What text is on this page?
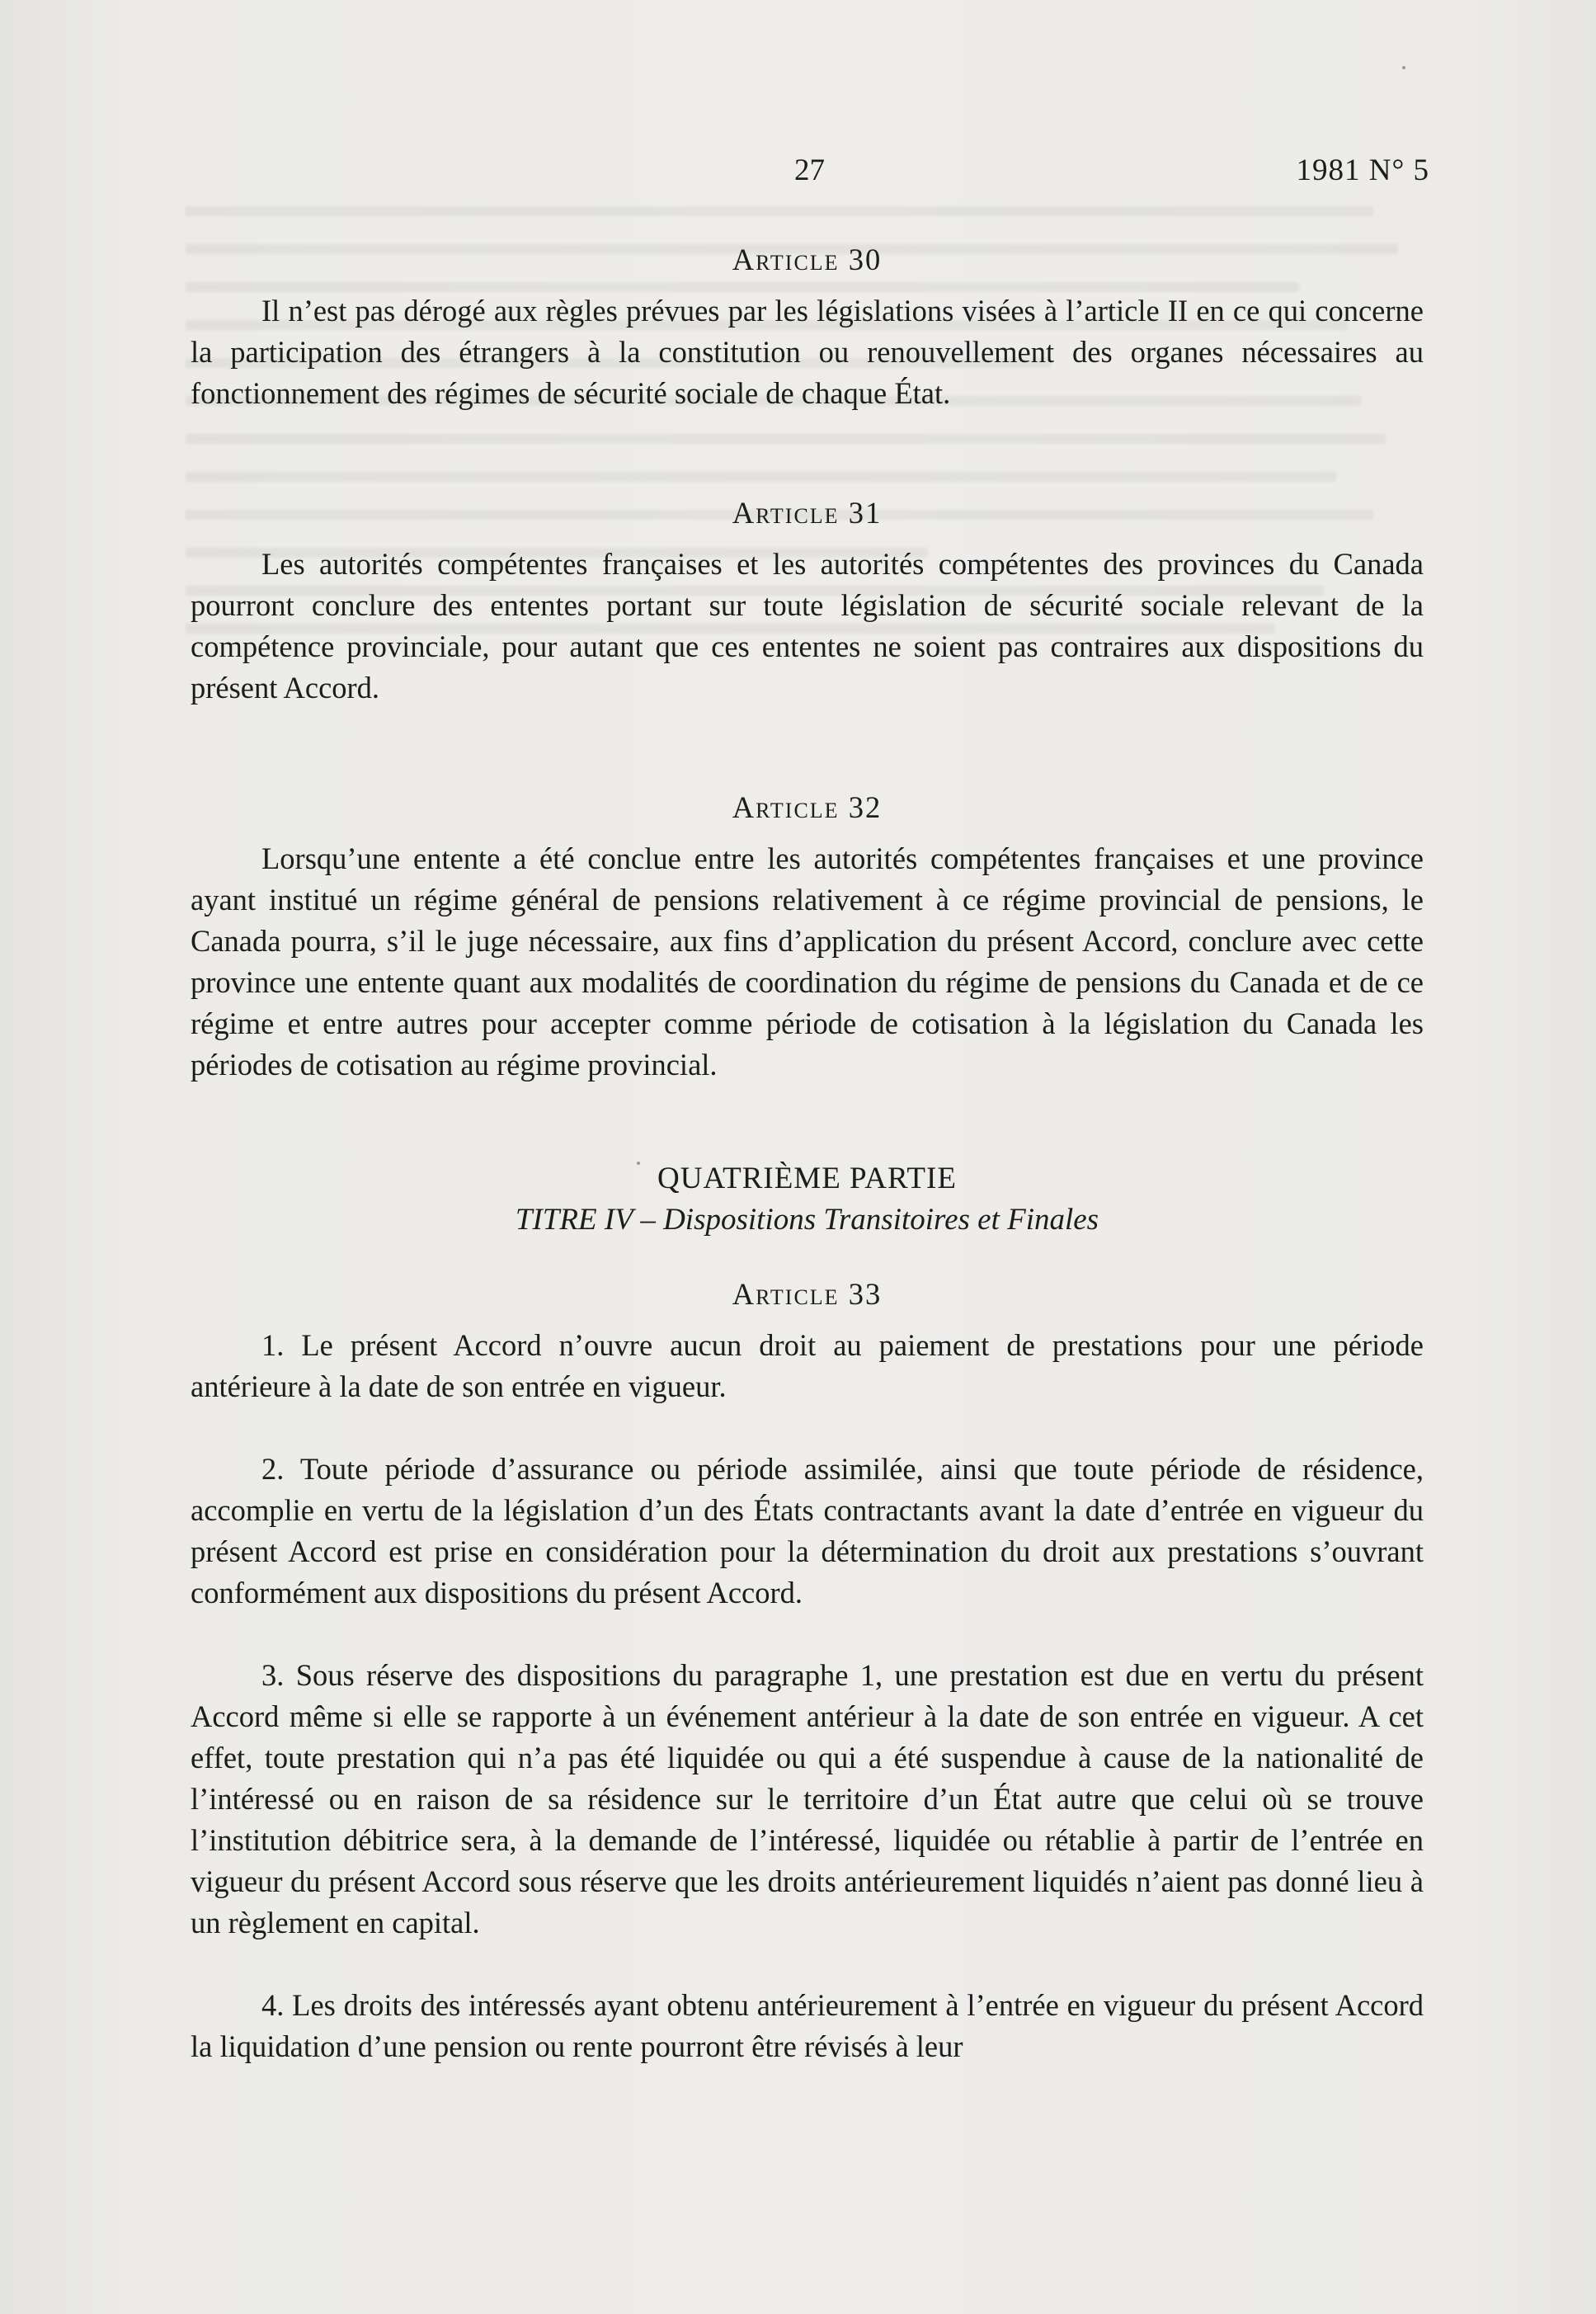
27	1981 N° 5

Article 30

Il n’est pas dérogé aux règles prévues par les législations visées à l’article II en ce qui concerne la participation des étrangers à la constitution ou renouvellement des organes nécessaires au fonctionnement des régimes de sécurité sociale de chaque État.

Article 31

Les autorités compétentes françaises et les autorités compétentes des provinces du Canada pourront conclure des ententes portant sur toute législation de sécurité sociale relevant de la compétence provinciale, pour autant que ces ententes ne soient pas contraires aux dispositions du présent Accord.

Article 32

Lorsqu’une entente a été conclue entre les autorités compétentes françaises et une province ayant institué un régime général de pensions relativement à ce régime provincial de pensions, le Canada pourra, s’il le juge nécessaire, aux fins d’application du présent Accord, conclure avec cette province une entente quant aux modalités de coordination du régime de pensions du Canada et de ce régime et entre autres pour accepter comme période de cotisation à la législation du Canada les périodes de cotisation au régime provincial.

QUATRIÈME PARTIE

TITRE IV – Dispositions Transitoires et Finales

Article 33

1. Le présent Accord n’ouvre aucun droit au paiement de prestations pour une période antérieure à la date de son entrée en vigueur.

2. Toute période d’assurance ou période assimilée, ainsi que toute période de résidence, accomplie en vertu de la législation d’un des États contractants avant la date d’entrée en vigueur du présent Accord est prise en considération pour la détermination du droit aux prestations s’ouvrant conformément aux dispositions du présent Accord.

3. Sous réserve des dispositions du paragraphe 1, une prestation est due en vertu du présent Accord même si elle se rapporte à un événement antérieur à la date de son entrée en vigueur. A cet effet, toute prestation qui n’a pas été liquidée ou qui a été suspendue à cause de la nationalité de l’intéressé ou en raison de sa résidence sur le territoire d’un État autre que celui où se trouve l’institution débitrice sera, à la demande de l’intéressé, liquidée ou rétablie à partir de l’entrée en vigueur du présent Accord sous réserve que les droits antérieurement liquidés n’aient pas donné lieu à un règlement en capital.

4. Les droits des intéressés ayant obtenu antérieurement à l’entrée en vigueur du présent Accord la liquidation d’une pension ou rente pourront être révisés à leur
